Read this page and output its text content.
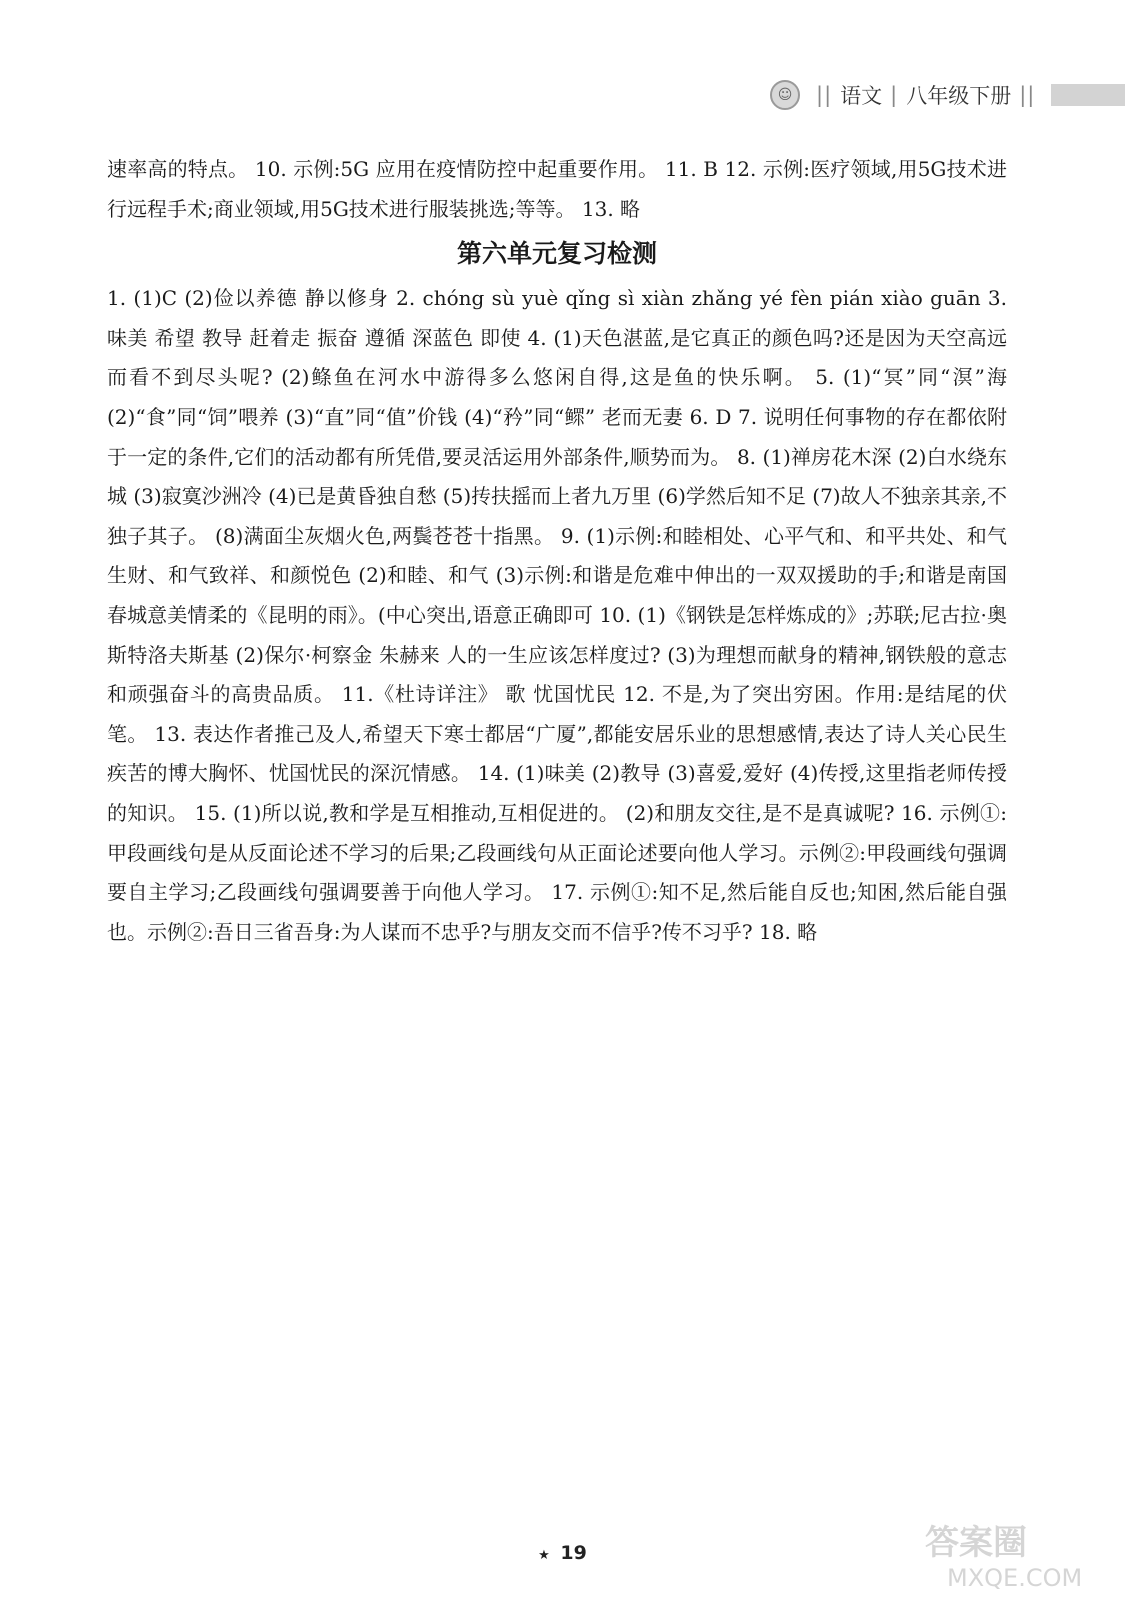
☺	|| 语文 | 八年级下册 ||

速率高的特点。 10. 示例:5G 应用在疫情防控中起重要作用。 11. B 12. 示例:医疗领域,用5G技术进行远程手术;商业领域,用5G技术进行服装挑选;等等。 13. 略

第六单元复习检测

1. (1)C (2)俭以养德 静以修身 2. chóng sù yuè qǐng sì xiàn zhǎng yé fèn pián xiào guān 3. 味美 希望 教导 赶着走 振奋 遵循 深蓝色 即使 4. (1)天色湛蓝,是它真正的颜色吗?还是因为天空高远而看不到尽头呢? (2)鲦鱼在河水中游得多么悠闲自得,这是鱼的快乐啊。 5. (1)“冥”同“溟”海 (2)“食”同“饲”喂养 (3)“直”同“值”价钱 (4)“矜”同“鳏” 老而无妻 6. D 7. 说明任何事物的存在都依附于一定的条件,它们的活动都有所凭借,要灵活运用外部条件,顺势而为。 8. (1)禅房花木深 (2)白水绕东城 (3)寂寞沙洲冷 (4)已是黄昏独自愁 (5)抟扶摇而上者九万里 (6)学然后知不足 (7)故人不独亲其亲,不独子其子。 (8)满面尘灰烟火色,两鬓苍苍十指黑。 9. (1)示例:和睦相处、心平气和、和平共处、和气生财、和气致祥、和颜悦色 (2)和睦、和气 (3)示例:和谐是危难中伸出的一双双援助的手;和谐是南国春城意美情柔的《昆明的雨》。(中心突出,语意正确即可 10. (1)《钢铁是怎样炼成的》;苏联;尼古拉·奥斯特洛夫斯基 (2)保尔·柯察金 朱赫来 人的一生应该怎样度过? (3)为理想而献身的精神,钢铁般的意志和顽强奋斗的高贵品质。 11.《杜诗详注》 歌 忧国忧民 12. 不是,为了突出穷困。作用:是结尾的伏笔。 13. 表达作者推己及人,希望天下寒士都居“广厦”,都能安居乐业的思想感情,表达了诗人关心民生疾苦的博大胸怀、忧国忧民的深沉情感。 14. (1)味美 (2)教导 (3)喜爱,爱好 (4)传授,这里指老师传授的知识。 15. (1)所以说,教和学是互相推动,互相促进的。 (2)和朋友交往,是不是真诚呢? 16. 示例①:甲段画线句是从反面论述不学习的后果;乙段画线句从正面论述要向他人学习。示例②:甲段画线句强调要自主学习;乙段画线句强调要善于向他人学习。 17. 示例①:知不足,然后能自反也;知困,然后能自强也。示例②:吾日三省吾身:为人谋而不忠乎?与朋友交而不信乎?传不习乎? 18. 略

★ 19	答案圈
MXQE.COM
